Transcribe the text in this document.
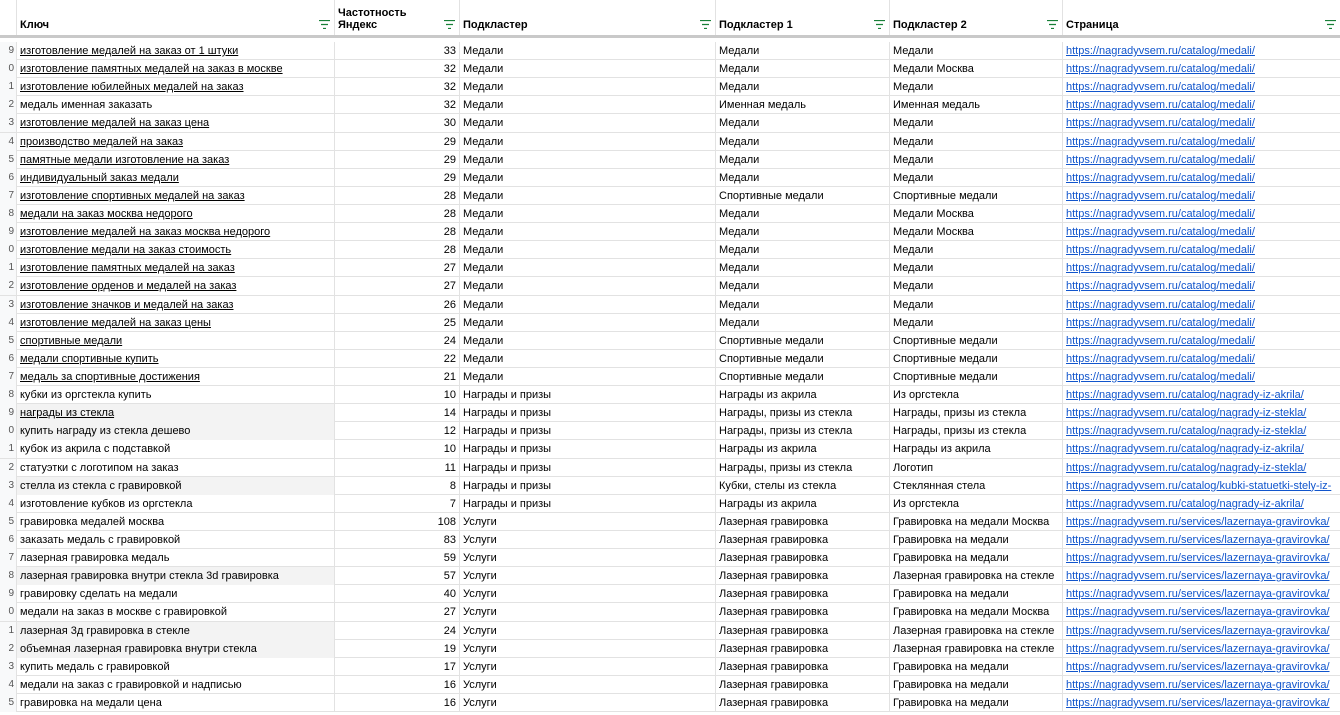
Ключ
Частотность Яндекс	Подкластер	Подкластер 1	Подкластер 2	Страница
9 изготовление медалей на заказ от 1 штуки	33 Медали	Медали	Медали	https://nagradyvsem.ru/catalog/medali/
0 изготовление памятных медалей на заказ в москве	32 Медали	Медали	Медали Москва	https://nagradyvsem.ru/catalog/medali/
1 изготовление юбилейных медалей на заказ	32 Медали	Медали	Медали	https://nagradyvsem.ru/catalog/medali/
2 медаль именная заказать	32 Медали	Именная медаль	Именная медаль	https://nagradyvsem.ru/catalog/medali/
3 изготовление медалей на заказ цена	30 Медали	Медали	Медали	https://nagradyvsem.ru/catalog/medali/
4 производство медалей на заказ	29 Медали	Медали	Медали	https://nagradyvsem.ru/catalog/medali/
5 памятные медали изготовление на заказ	29 Медали	Медали	Медали	https://nagradyvsem.ru/catalog/medali/
6 индивидуальный заказ медали	29 Медали	Медали	Медали	https://nagradyvsem.ru/catalog/medali/
7 изготовление спортивных медалей на заказ	28 Медали	Спортивные медали	Спортивные медали	https://nagradyvsem.ru/catalog/medali/
8 медали на заказ москва недорого	28 Медали	Медали	Медали Москва	https://nagradyvsem.ru/catalog/medali/
9 изготовление медалей на заказ москва недорого	28 Медали	Медали	Медали Москва	https://nagradyvsem.ru/catalog/medali/
0 изготовление медали на заказ стоимость	28 Медали	Медали	Медали	https://nagradyvsem.ru/catalog/medali/
1 изготовление памятных медалей на заказ	27 Медали	Медали	Медали	https://nagradyvsem.ru/catalog/medali/
2 изготовление орденов и медалей на заказ	27 Медали	Медали	Медали	https://nagradyvsem.ru/catalog/medali/
3 изготовление значков и медалей на заказ	26 Медали	Медали	Медали	https://nagradyvsem.ru/catalog/medali/
4 изготовление медалей на заказ цены	25 Медали	Медали	Медали	https://nagradyvsem.ru/catalog/medali/
5 спортивные медали	24 Медали	Спортивные медали	Спортивные медали	https://nagradyvsem.ru/catalog/medali/
6 медали спортивные купить	22 Медали	Спортивные медали	Спортивные медали	https://nagradyvsem.ru/catalog/medali/
7 медаль за спортивные достижения	21 Медали	Спортивные медали	Спортивные медали	https://nagradyvsem.ru/catalog/medali/
8 кубки из оргстекла купить	10 Награды и призы	Награды из акрила	Из оргстекла	https://nagradyvsem.ru/catalog/nagrady-iz-akrila/
9 награды из стекла	14 Награды и призы	Награды, призы из стекла	Награды, призы из стекла	https://nagradyvsem.ru/catalog/nagrady-iz-stekla/
0 купить награду из стекла дешево	12 Награды и призы	Награды, призы из стекла	Награды, призы из стекла	https://nagradyvsem.ru/catalog/nagrady-iz-stekla/
1 кубок из акрила с подставкой	10 Награды и призы	Награды из акрила	Награды из акрила	https://nagradyvsem.ru/catalog/nagrady-iz-akrila/
2 статуэтки с логотипом на заказ	11 Награды и призы	Награды, призы из стекла	Логотип	https://nagradyvsem.ru/catalog/nagrady-iz-stekla/
3 стелла из стекла с гравировкой	8 Награды и призы	Кубки, стелы из стекла	Стеклянная стела	https://nagradyvsem.ru/catalog/kubki-statuetki-stely-iz-
4 изготовление кубков из оргстекла	7 Награды и призы	Награды из акрила	Из оргстекла	https://nagradyvsem.ru/catalog/nagrady-iz-akrila/
5 гравировка медалей москва	108 Услуги	Лазерная гравировка	Гравировка на медали Москва	https://nagradyvsem.ru/services/lazernaya-gravirovka/
6 заказать медаль с гравировкой	83 Услуги	Лазерная гравировка	Гравировка на медали	https://nagradyvsem.ru/services/lazernaya-gravirovka/
7 лазерная гравировка медаль	59 Услуги	Лазерная гравировка	Гравировка на медали	https://nagradyvsem.ru/services/lazernaya-gravirovka/
8 лазерная гравировка внутри стекла 3d гравировка	57 Услуги	Лазерная гравировка	Лазерная гравировка на стекле	https://nagradyvsem.ru/services/lazernaya-gravirovka/
9 гравировку сделать на медали	40 Услуги	Лазерная гравировка	Гравировка на медали	https://nagradyvsem.ru/services/lazernaya-gravirovka/
0 медали на заказ в москве с гравировкой	27 Услуги	Лазерная гравировка	Гравировка на медали Москва	https://nagradyvsem.ru/services/lazernaya-gravirovka/
1 лазерная 3д гравировка в стекле	24 Услуги	Лазерная гравировка	Лазерная гравировка на стекле	https://nagradyvsem.ru/services/lazernaya-gravirovka/
2 объемная лазерная гравировка внутри стекла	19 Услуги	Лазерная гравировка	Лазерная гравировка на стекле	https://nagradyvsem.ru/services/lazernaya-gravirovka/
3 купить медаль с гравировкой	17 Услуги	Лазерная гравировка	Гравировка на медали	https://nagradyvsem.ru/services/lazernaya-gravirovka/
4 медали на заказ с гравировкой и надписью	16 Услуги	Лазерная гравировка	Гравировка на медали	https://nagradyvsem.ru/services/lazernaya-gravirovka/
5 гравировка на медали цена	16 Услуги	Лазерная гравировка	Гравировка на медали	https://nagradyvsem.ru/services/lazernaya-gravirovka/
